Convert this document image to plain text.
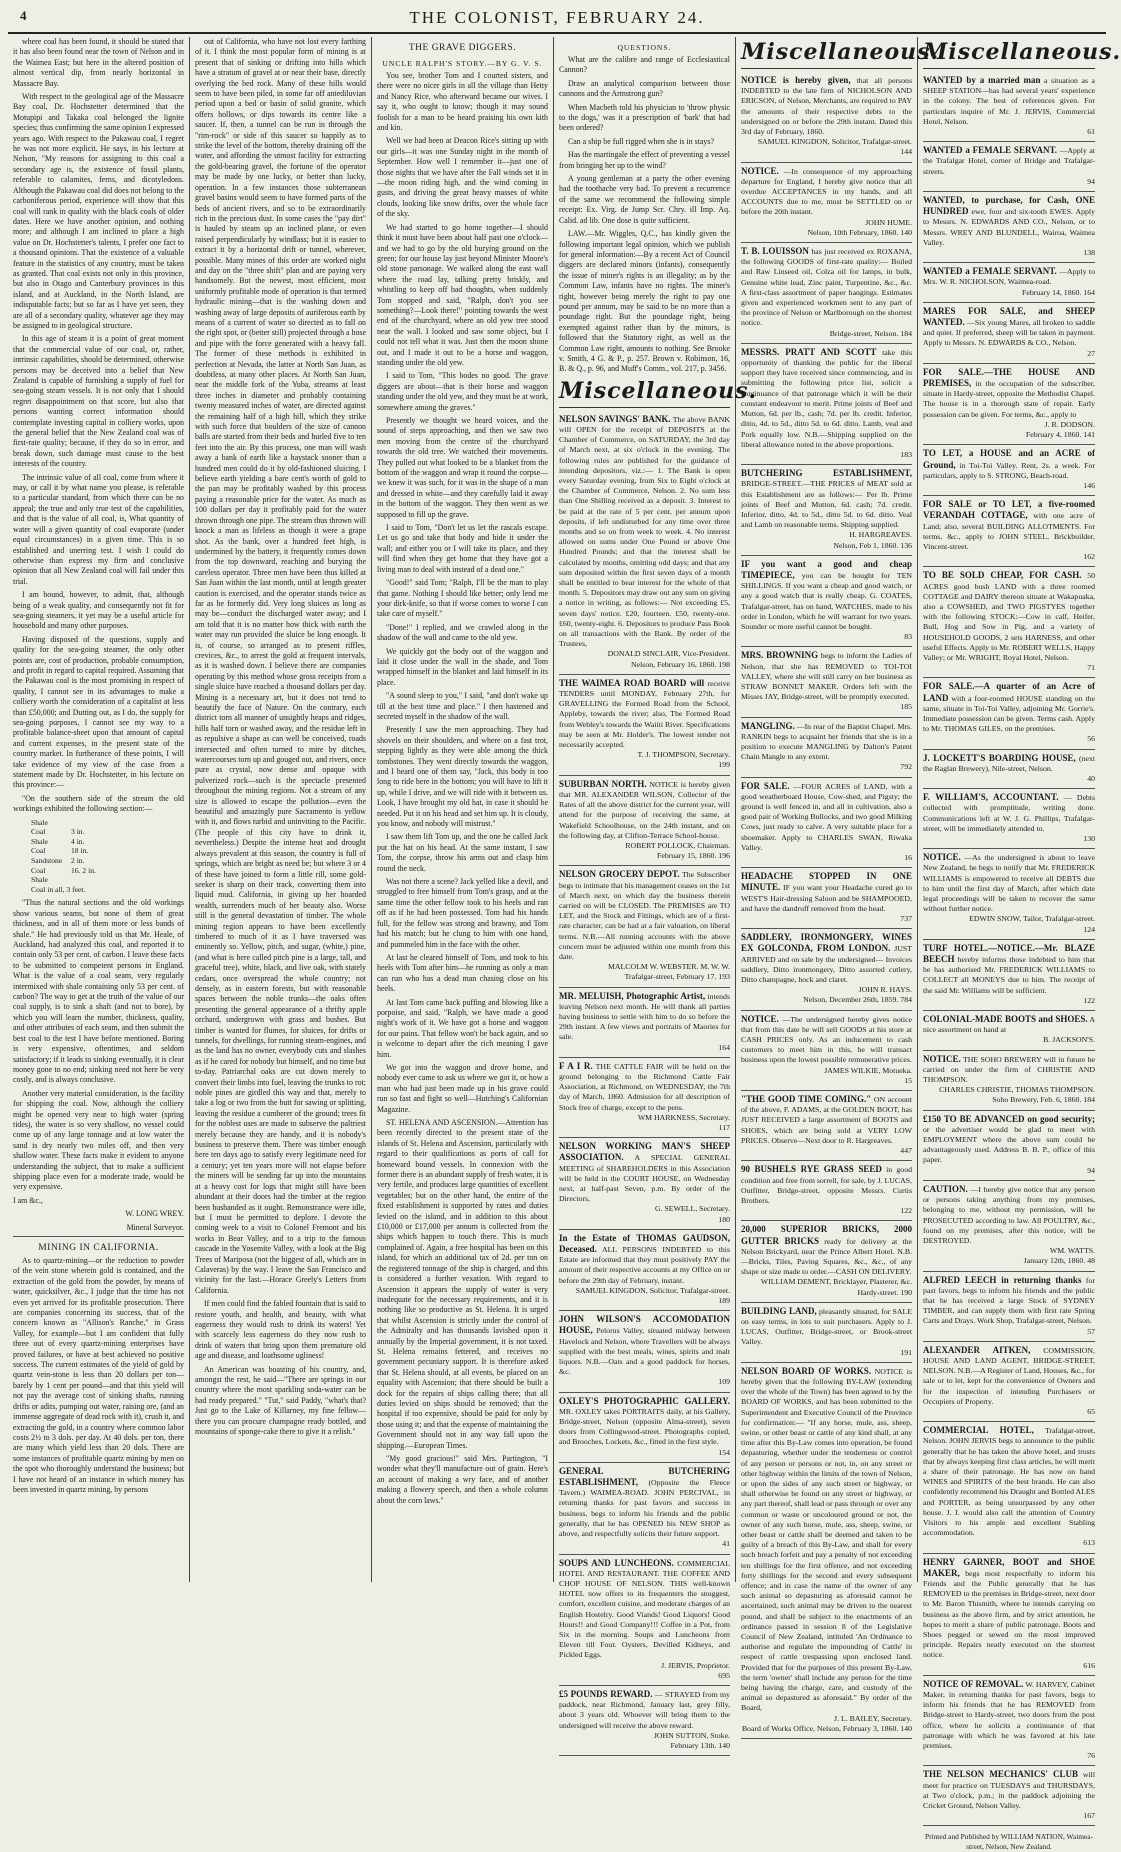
4	THE COLONIST, FEBRUARY 24.

where coal has been found, it should be stated that it has also been found near the town of Nelson and in the Waimea East; but here in the altered position of almost vertical dip, from nearly horizontal in Massacre Bay.

With respect to the geological age of the Massacre Bay coal, Dr. Hochstetter determined that the Motupipi and Takaka coal belonged the lignite species; thus confirming the same opinion I expressed years ago. With respect to the Pakawau coal, I regret he was not more explicit. He says, in his lecture at Nelson, "My reasons for assigning to this coal a secondary age is, the existence of fossil plants, referable to calamites, ferns, and dicotyledons. Although the Pakawau coal did does not belong to the carboniferous period, experience will show that this coal will rank in quality with the black coals of older dates. Here we have another opinion, and nothing more; and although I am inclined to place a high value on Dr. Hochstetter's talents, I prefer one fact to a thousand opinions. That the existence of a valuable feature in the statistics of any country, must be taken as granted. That coal exists not only in this province, but also in Otago and Canterbury provinces in this island, and at Auckland, in the North Island, are indisputable facts; but so far as I have yet seen, they are all of a secondary quality, whatever age they may be assigned to in geological structure.

In this age of steam it is a point of great moment that the commercial value of our coal, or, rather, intrinsic capabilities, should be determined, otherwise persons may be deceived into a belief that New Zealand is capable of furnishing a supply of fuel for sea-going steam vessels. It is not only that I should regret disappointment on that score, but also that persons wanting correct information should contemplate investing capital in colliery works, upon the general belief that the New Zealand coal was of first-rate quality; because, if they do so in error, and break down, such damage must cause to the best interests of the country.

The intrinsic value of all coal, come from where it may, or call it by what name you please, is referable to a particular standard, from which there can be no appeal; the true and only true test of the capabilities, and that is the value of all coal, is, What quantity of water will a given quantity of coal evaporate (under equal circumstances) in a given time. This is so established and unerring test. I wish I could do otherwise than express my firm and conclusive opinion that all New Zealand coal will fail under this trial.

I am bound, however, to admit, that, although being of a weak quality, and consequently not fit for sea-going steamers, it yet may be a useful article for household and many other purposes.

Having disposed of the questions, supply and quality for the sea-going steamer, the only other points are, cost of production, probable consumption, and profit in regard to capital required. Assuming that the Pakawau coal is the most promising in respect of quality, I cannot see in its advantages to make a colliery worth the consideration of a capitalist at less than £50,000; and Dutting out, as I do, the supply for sea-going purposes, I cannot see my way to a profitable balance-sheet upon that amount of capital and current expenses, in the present state of the country market. In furtherance of these points, I will take evidence of my view of the case from a statement made by Dr. Hochstetter, in his lecture on this province:—

"On the southern side of the stream the old workings exhibited the following section:—

Shale
Coal	3 in.
Shale	4 in.
Coal	18 in.
Sandstone 2 in.
Coal	16. 2 in.
Shale
Coal in all, 3 feet.

"Thus the natural sections and the old workings show various seams, but none of them of great thickness, and in all of them more or less bands of shale." He had previously told us that Mr. Heale, of Auckland, had analyzed this coal, and reported it to contain only 53 per cent. of carbon. I leave these facts to be submitted to competent persons in England. What is the value of a coal seam, very regularly intermixed with shale containing only 53 per cent. of carbon? The way to get at the truth of the value of our coal supply, is to sink a shaft (and not to bore), by which you will learn the number, thickness, quality, and other attributes of each seam, and then submit the best coal to the test I have before mentioned. Boring is very expensive, oftentimes, and seldom satisfactory; if it leads to sinking eventually, it is clear money gone to no end; sinking need not here be very costly, and is always conclusive.

Another very material consideration, is the facility for shipping the coal. Now, although the colliery might be opened very near to high water (spring tides), the water is so very shallow, no vessel could come up of any large tonnage and at low water the sand is dry nearly two miles off, and then very shallow water. These facts make it evident to anyone understanding the subject, that to make a sufficient shipping place even for a moderate trade, would be very expensive.

I am &c.,

W. LONG WREY.
Mineral Surveyor.
MINING IN CALIFORNIA.

As to quartz-mining—or the reduction to powder of the vein stone wherein gold is contained, and the extraction of the gold from the powder, by means of water, quicksilver, &c., I judge that the time has not even yet arrived for its profitable prosecution. There are companies concerning its success, that of the concern known as "Allison's Ranche," in Grass Valley, for example—but I am confident that fully three out of every quartz-mining enterprises have proved failures, or have at best achieved no positive success. The current estimates of the yield of gold by quartz vein-stone is less than 20 dollars per ton—barely by 1 cent per pound—and that this yield will not pay the average cost of sinking shafts, running drifts or adits, pumping out water, raising ore, (and an immense aggregate of dead rock with it), crush it, and extracting the gold, in a country where common labor costs 2½ to 3 dols. per day. At 40 dols. per ton, there are many which yield less than 20 dols. There are some instances of profitable quartz mining by men on the spot who thoroughly understand the business; but I have not heard of an instance in which money has been invested in quartz mining, by persons

out of California, who have not lost every farthing of it. I think the most popular form of mining is at present that of sinking or drifting into hills which have a stratum of gravel at or near their base, directly overlying the bed rock. Many of these hills would seem to have been piled, in some far off antediluvian period upon a bed or basin of solid granite, which offers hollows, or dips towards its centre like a saucer. If, then, a tunnel can be run in through the "rim-rock" or side of this saucer so happily as to strike the level of the bottom, thereby draining off the water, and affording the utmost facility for extracting the gold-bearing gravel, the fortune of the operator may be made by one lucky, or better than lucky, operation. In a few instances those subterranean gravel basins would seem to have formed parts of the beds of ancient rivers, and so to be extraordinarily rich in the precious dust. In some cases the "pay dirt" is hauled by steam up an inclined plane, or even raised perpendicularly by windlass; but it is easier to extract it by a horizontal drift or tunnel, wherever, possible. Many mines of this order are worked night and day on the "three shift" plan and are paying very handsomely. But the newest, most efficient, most uniformly profitable mode of operation is that termed hydraulic mining—that is the washing down and washing away of large deposits of auriferous earth by means of a current of water so directed as to fall on the right spot, or (better still) projected through a hose and pipe with the force generated with a heavy fall. The former of these methods is exhibited in perfection at Nevada, the latter at North San Juan, as doubtless, at many other places. At North San Juan, near the middle fork of the Yuba, streams at least three inches in diameter and probably containing twenty measured inches of water, are directed against the remaining half of a high hill, which they strike with such force that boulders of the size of cannon balls are started from their beds and hurled five to ten feet into the air. By this process, one man will wash away a bank of earth like a haystack sooner than a hundred men could do it by old-fashioned sluicing. I believe earth yielding a bare cent's worth of gold to the pan may be profitably washed by this process paying a reasonable price for the water. As much as 100 dollars per day it profitably paid for the water thrown through one pipe. The stream thus thrown will knock a man as lifeless as though it were a grape shot. As the bank, over a hundred feet high, is undermined by the battery, it frequently comes down from the top downward, reaching and burying the careless operator. Three men have been thus killed at San Juan within the last month, until at length greater caution is exercised, and the operator stands twice as far as he formerly did. Very long sluices as long as may be—conduct the discharged water away; and I am told that it is no matter how thick with earth the water may run provided the sluice be long enough. It is, of course, so arranged as to present riffles, crevices, &c., to arrest the gold at frequent intervals, as it is washed down. I believe there are companies operating by this method whose gross receipts from a single sluice have reached a thousand dollars per day. Mining is a necessary art, but it does not tend to beautify the face of Nature. On the contrary, each district torn all manner of unsightly heaps and ridges, hills half torn or washed away, and the residue left in as repulsive a shape as can well be conceived, roads intersected and often turned to mire by ditches, watercourses torn up and gouged out, and rivers, once pure as crystal, now dense and opaque with pulverized rock—such is the spectacle presented throughout the mining regions. Not a stream of any size is allowed to escape the pollution—even the beautiful and amazingly pure Sacramento is yellow with it, and flows turbid and uninviting to the Pacific. (The people of this city have to drink it, nevertheless.) Despite the intense heat and drought always prevalent at this season, the country is full of springs, which are bright as need be; but where 3 or 4 of these have joined to form a little rill, some gold-seeker is sharp on their track, converting them into liquid mud. California, in giving up her hoarded wealth, surrenders much of her beauty also. Worse still is the general devastation of timber. The whole mining region appears to have been excellently timbered to much of it as I have traversed was eminently so. Yellow, pitch, and sugar, (white,) pine, (and what is here called pitch pine is a large, tall, and graceful tree), white, black, and live oak, with stately cedars, once overspread the whole country; not densely, as in eastern forests, but with reasonable spaces between the noble trunks—the oaks often presenting the general appearance of a thrifty apple orchard, undergrown with grass and bushes. But timber is wanted for flumes, for sluices, for drifts or tunnels, for dwellings, for running steam-engines, and as the land has no owner, everybody cuts and slashes as if he cared for nobody but himself, and no time but to-day. Patriarchal oaks are cut down merely to convert their limbs into fuel, leaving the trunks to rot; noble pines are girdled this way and that, merely to take a log or two from the butt for sawing or splitting, leaving the residue a cumberer of the ground; trees fit for the noblest uses are made to subserve the paltriest merely because they are handy, and it is nobody's business to preserve them. There was timber enough here ten days ago to satisfy every legitimate need for a century; yet ten years more will not elapse before the miners will be sending far up into the mountains at a heavy cost for logs that might still have been abundant at their doors had the timber at the region been husbanded as it ought. Remonstrance were idle, but I must be permitted to deplore. I devote the coming week to a visit to Colonel Fremont and his works in Bear Valley, and to a trip to the famous cascade in the Yosemite Valley, with a look at the Big Trees of Mariposa (not the biggest of all, which are in Calaveras) by the way. I leave the San Francisco and vicinity for the last.—Horace Greely's Letters from California.

If men could find the fabled fountain that is said to restore youth, and health, and beauty, with what eagerness they would rush to drink its waters! Yet with scarcely less eagerness do they now rush to drink of waters that bring upon them premature old age and disease, and loathsome ugliness!

An American was boasting of his country, and, amongst the rest, he said—"There are springs in our country where the most sparkling soda-water can be had ready prepared." "Tut," said Paddy, "what's that? Just go to the Lake of Killarney, my fine fellow—there you can procure champagne ready bottled, and mountains of sponge-cake there to give it a relish."

THE GRAVE DIGGERS.
UNCLE RALPH'S STORY.—BY G. V. S.

You see, brother Tom and I courted sisters, and there were no nicer girls in all the village than Hetty and Nancy Rice, who afterward became our wives. I say it, who ought to know; though it may sound foolish for a man to be heard praising his own kith and kin.

Well we had been at Deacon Rice's sitting up with our girls—it was one Sunday night in the month of September. How well I remember it—just one of those nights that we have after the Fall winds set it in—the moon riding high, and the wind coming in gusts, and driving the great heavy masses of white clouds, looking like snow drifts, over the whole face of the sky.

We had started to go home together—I should think it must have been about half past one o'clock—and we had to go by the old burying ground on the green; for our house lay just beyond Minister Moore's old stone parsonage. We walked along the east wall where the road lay, talking pretty briskly, and whistling to keep off bad thoughts, when suddenly Tom stopped and said, "Ralph, don't you see something?—Look there!" pointing towards the west end of the churchyard, where an old yew tree stood near the wall. I looked and saw some object, but I could not tell what it was. Just then the moon shone out, and I made it out to be a horse and waggon, standing under the old yew.

I said to Tom, "This bodes no good. The grave diggers are about—that is their horse and waggon standing under the old yew, and they must be at work, somewhere among the graves."

Presently we thought we heard voices, and the sound of steps approaching, and then we saw two men moving from the centre of the churchyard towards the old tree. We watched their movements. They pulled out what looked to be a blanket from the bottom of the waggon and wrap it round the corpse—we knew it was such, for it was in the shape of a man and dressed in white—and they carefully laid it away in the bottom of the waggon. They then went as we supposed to fill up the grave.

I said to Tom, "Don't let us let the rascals escape. Let us go and take that body and hide it under the wall; and either you or I will take its place, and they will find when they get home that they have got a living man to deal with instead of a dead one."

"Good!" said Tom; "Ralph, I'll be the man to play that game. Nothing I should like better; only lend me your dirk-knife, so that if worse comes to worse I can take care of myself."

"Done!" I replied, and we crawled along in the shadow of the wall and came to the old yew.

We quickly got the body out of the waggon and laid it close under the wall in the shade, and Tom wrapped himself in the blanket and laid himself in its place.

"A sound sleep to you," I said, "and don't wake up till at the best time and place." I then hastened and secreted myself in the shadow of the wall.

Presently I saw the men approaching. They had shovels on their shoulders, and where on a fast trot, stepping lightly as they were able among the thick tombstones. They went directly towards the waggon, and I heard one of them say, "Jack, this body is too long to ride here in the bottom; you will have to lift it up, while I drive, and we will ride with it between us. Look, I have brought my old hat, in case it should be needed. Put it on his head and set him up. It is cloudy, you know, and nobody will mistrust."

I saw them lift Tom up, and the one he called Jack put the hat on his head. At the same instant, I saw Tom, the corpse, throw his arms out and clasp him round the neck.

Was not there a scene? Jack yelled like a devil, and struggled to free himself from Tom's grasp, and at the same time the other fellow took to his heels and ran off as if he had been possessed. Tom had his hands full, for the fellow was strong and brawny, and Tom had his match; but he clung to him with one hand, and pummeled him in the face with the other.

At last he cleared himself of Tom, and took to his heels with Tom after him—he running as only a man can run who has a dead man chasing close on his heels.

At last Tom came back puffing and blowing like a porpoise, and said, "Ralph, we have made a good night's work of it. We have got a horse and waggon for our pains. That fellow won't be back again, and so is welcome to depart after the rich meaning I gave him.

We got into the waggon and drove home, and nobody ever came to ask us where we got it, or how a man who had just been made up in his grave could run so fast and fight so well—Hutching's Californian Magazine.

ST. HELENA AND ASCENSION.—Attention has been recently directed to the present state of the islands of St. Helena and Ascension, particularly with regard to their qualifications as ports of call for homeward bound vessels. In connexion with the former there is an abundant supply of fresh water, it is very fertile, and produces large quantities of excellent vegetables; but on the other hand, the entire of the fixed establishment is supported by rates and duties levied on the island, and in addition to this about £10,000 or £17,000 per annum is collected from the ships which happen to touch there. This is much complained of. Again, a free hospital has been on this island, for which an additional tax of 2d. per ton on the registered tonnage of the ship is charged, and this is considered a further vexation. With regard to Ascension it appears the supply of water is very inadequate for the necessary requirements, and it is nothing like so productive as St. Helena. It is urged that whilst Ascension is strictly under the control of the Admiralty and has thousands lavished upon it annually by the Imperial government, it is not taxed. St. Helena remains fettered, and receives no government pecuniary support. It is therefore asked that St. Helena should, at all events, be placed on an equality with Ascension; that there should be built a dock for the repairs of ships calling there; that all duties levied on ships should be removed; that the hospital if too expensive, should be paid for only by those using it; and that the expense of maintaining the Government should not in any way fall upon the shipping.—European Times.

"My good gracious!" said Mrs. Partington, "I wonder what they'll manufacture out of grain. Here's an account of making a wry face, and of another making a flowery speech, and then a whole column about the corn laws."

QUESTIONS.

What are the calibre and range of Ecclesiastical Cannon?

Draw an analytical comparison between those cannons and the Armstrong gun?

When Macbeth told his physician to 'throw physic to the dogs,' was it a prescription of 'bark' that had been ordered?

Can a ship be full rigged when she is in stays?

Has the martingale the effect of preventing a vessel from bringing her up to the wind?

A young gentleman at a party the other evening had the toothache very bad. To prevent a recurrence of the same we recommend the following simple receipt: Ex. Virg. de Jump Scr. Chry. ill Imp. Aq. Calid. ad lib. One dose is quite sufficient.

LAW.—Mr. Wiggles, Q.C., has kindly given the following important legal opinion, which we publish for general information:—By a recent Act of Council diggers are declared minors (infants), consequently the issue of miner's rights is an illegality; as by the Common Law, infants have no rights. The miner's right, however being merely the right to pay one pound per annum, may be said to be no more than a poundage right. But the poundage right, being exempted against rather than by the minors, is followed that the Statutory right, as well as the Common Law right, amounts to nothing. See Brooke v. Smith, 4 G. & P., p. 257. Brown v. Robinson, 16, B. & Q., p. 96, and Muff's Comm., vol. 217, p. 3456.

Miscellaneous.
NELSON SAVINGS' BANK. The above BANK will OPEN for the receipt of DEPOSITS at the Chamber of Commerce, on SATURDAY, the 3rd day of March next, at six o'clock in the evening. The following rules are published for the guidance of intending depositors, viz.:— 1. The Bank is open every Saturday evening, from Six to Eight o'clock at the Chamber of Commerce, Nelson. 2. No sum less than One Shilling received as a deposit. 3. Interest to be paid at the rate of 5 per cent. per annum upon deposits, if left undisturbed for any time over three months and so on from week to week. 4. No interest allowed on sums under One Pound or above One Hundred Pounds; and that the interest shall be calculated by months, omitting odd days; and that any sum deposited within the first seven days of a month shall be entitled to bear interest for the whole of that month. 5. Depositors may draw out any sum on giving a notice in writing, as follows:— Not exceeding £5, seven days' notice. £20, fourteen. £50, twenty-one. £60, twenty-eight. 6. Depositors to produce Pass Book on all transactions with the Bank. By order of the Trustees,
DONALD SINCLAIR, Vice-President.
Nelson, February 16, 1860. 198
THE WAIMEA ROAD BOARD will receive TENDERS until MONDAY, February 27th, for GRAVELLING the Formed Road from the School, Appleby, towards the river; also, The Formed Road from Webley's towards the Waiiti River. Specifications may be seen at Mr. Holder's. The lowest tender not necessarily accepted.
T. J. THOMPSON, Secretary.
199
SUBURBAN NORTH. NOTICE is hereby given that MR. ALEXANDER WILSON, Collector of the Rates of all the above district for the current year, will attend for the purpose of receiving the same, at Wakefield Schoolhouse, on the 24th instant, and on the following day, at Clifton-Terrace School-house.
ROBERT POLLOCK, Chairman.
February 15, 1860. 196
NELSON GROCERY DEPOT. The Subscriber begs to intimate that his management ceases on the 1st of March next, on which day the business therein carried on will be CLOSED. The PREMISES are TO LET, and the Stock and Fittings, which are of a first-rate character, can be had at a fair valuation, on liberal terms. N.B.—All running accounts with the above concern must be adjusted within one month from this date.
MALCOLM W. WEBSTER. M. W. W.
Trafalgar-street, February 17. 193
MR. MELUISH, Photographic Artist, intends leaving Nelson next month. He will thank all parties having business to settle with him to do so before the 29th instant. A few views and portraits of Maories for sale.
164
F A I R. THE CATTLE FAIR will be held on the ground belonging to the Richmond Cattle Fair Association, at Richmond, on WEDNESDAY, the 7th day of March, 1860. Admission for all description of Stock free of charge, except to the pens.
WM HARKNESS, Secretary.
117
NELSON WORKING MAN'S SHEEP ASSOCIATION. A SPECIAL GENERAL MEETING of SHAREHOLDERS in this Association will be held in the COURT HOUSE, on Wednesday next, at half-past Seven, p.m. By order of the Directors,
G. SEWELL, Secretary.
180
In the Estate of THOMAS GAUDSON, Deceased. ALL PERSONS INDEBTED to this Estate are informed that they must positively PAY the amount of their respective accounts at my Office on or before the 29th day of February, instant.
SAMUEL KINGDON, Solicitor, Trafalgar-street.
189
JOHN WILSON'S ACCOMODATION HOUSE, Pelorus Valley, situated midway between Havelock and Nelson, where Travellers will be always supplied with the best meals, wines, spirits and malt liquors. N.B.—Oats and a good paddock for horses, &c.
109
OXLEY'S PHOTOGRAPHIC GALLERY. MR. OXLEY takes PORTRAITS daily, at his Gallery, Bridge-street, Nelson (opposite Alma-street), seven doors from Collingwood-street. Photographs copied, and Brooches, Lockets, &c., fitted in the first style.
154
GENERAL BUTCHERING ESTABLISHMENT, (Opposite the Fleece Tavern.) WAIMEA-ROAD. JOHN PERCIVAL, in returning thanks for past favors and success in business, begs to inform his friends and the public generally, that he has OPENED his NEW SHOP as above, and respectfully solicits their future support.
41
SOUPS AND LUNCHEONS. COMMERCIAL HOTEL AND RESTAURANT. THE COFFEE AND CHOP HOUSE OF NELSON. THIS well-known HOTEL now offers to its frequenters the snuggest, comfort, excellent cuisine, and moderate charges of an English Hostelry. Good Viands! Good Liquors! Good Hours!! and Good Company!!! Coffee in a Pot, from Six in the morning. Soups and Luncheons from Eleven till Four. Oysters, Devilled Kidneys, and Pickled Eggs.
J. JERVIS, Proprietor.
695
£5 POUNDS REWARD. — STRAYED from my paddock, near Richmond, January last, grey filly, about 3 years old. Whoever will bring them to the undersigned will receive the above reward.
JOHN SUTTON, Stoke.
February 13th. 140
Miscellaneous.
NOTICE is hereby given, that all persons INDEBTED to the late firm of NICHOLSON AND ERICSON, of Nelson, Merchants, are required to PAY the amounts of their respective debts to the undersigned on or before the 29th instant. Dated this 3rd day of February, 1860.
SAMUEL KINGDON, Solicitor, Trafalgar-street.
144
NOTICE. —In consequence of my approaching departure for England, I hereby give notice that all overdue ACCEPTANCES in my hands, and all ACCOUNTS due to me, must be SETTLED on or before the 20th instant.
JOHN HUME.
Nelson, 10th February, 1860. 140
T. B. LOUISSON has just received ex ROXANA, the following GOODS of first-rate quality:— Boiled and Raw Linseed oil, Colza oil for lamps, in bulk, Genuine white lead, Zinc paint, Turpentine, &c., &c. A first-class assortment of paper hangings. Estimates given and experienced workmen sent to any part of the province of Nelson or Marlborough on the shortest notice.
Bridge-street, Nelson. 184
MESSRS. PRATT AND SCOTT take this opportunity of thanking the public for the liberal support they have received since commencing, and in submitting the following price list, solicit a continuance of that patronage which it will be their constant endeavour to merit. Prime joints of Beef and Mutton, 6d. per lb., cash; 7d. per lb. credit. Inferior, ditto, 4d. to 5d., ditto 5d. to 6d. ditto. Lamb, veal and Pork equally low. N.B.—Shipping supplied on the liberal allowance noted in the above proportions.
183
BUTCHERING ESTABLISHMENT, BRIDGE-STREET.—THE PRICES of MEAT sold at this Establishment are as follows:— Per lb. Prime joints of Beef and Mutton, 6d. cash; 7d. credit. Inferior, ditto, 4d. to 5d., ditto 5d. to 6d. ditto. Veal and Lamb on reasonable terms. Shipping supplied.
H. HARGREAVES.
Nelson, Feb 1, 1860. 136
IF you want a good and cheap TIMEPIECE, you can be bought for TEN SHILLINGS. If you want a cheap and good watch, or any a good watch that is really cheap. G. COATES, Trafalgar-street, has on hand, WATCHES, made to his order in London, which he will warrant for two years. Sounder or more useful cannot be bought.
83
MRS. BROWNING begs to inform the Ladies of Nelson, that she has REMOVED to TOI-TOI VALLEY, where she will still carry on her business as STRAW BONNET MAKER. Orders left with the Misses JAY, Bridge-street, will be promptly executed.
185
MANGLING. —In rear of the Baptist Chapel. Mrs. RANKIN begs to acquaint her friends that she is in a position to execute MANGLING by Dalton's Patent Chain Mangle to any extent.
792
FOR SALE. —FOUR ACRES of LAND, with a good weatherboard House, Cow-shed, and Pigsty; the ground is well fenced in, and all in cultivation, also a good pair of Working Bullocks, and two good Milking Cows, just ready to calve. A very suitable place for a shoemaker. Apply to CHARLES SWAN, Riwaka Valley.
16
HEADACHE STOPPED IN ONE MINUTE. IF you want your Headache cured go to WEST'S Hair-dressing Saloon and be SHAMPOOED, and have the dandruff removed from the head.
737
SADDLERY, IRONMONGERY, WINES EX GOLCONDA, FROM LONDON. JUST ARRIVED and on sale by the undersigned— Invoices saddlery, Ditto ironmongery, Ditto assorted cutlery, Ditto champagne, hock and claret.
JOHN R. HAYS.
Nelson, December 26th, 1859. 784
NOTICE. —The undersigned hereby gives notice that from this date he will sell GOODS at his store at CASH PRICES only. As an inducement to cash customers to meet him in this, he will transact business upon the lowest possible remunerative prices.
JAMES WILKIE, Motueka.
15
"THE GOOD TIME COMING." ON account of the above, F. ADAMS, at the GOLDEN BOOT, has JUST RECEIVED a large assortment of BOOTS and SHOES, which are being sold at VERY LOW PRICES. Observe—Next door to R. Hargreaves.
447
90 BUSHELS RYE GRASS SEED in good condition and free from sorrell, for sale, by J. LUCAS, Outfitter, Bridge-street, opposite Messrs. Curtis Brothers.
122
20,000 SUPERIOR BRICKS, 2000 GUTTER BRICKS ready for delivery at the Nelson Brickyard, near the Prince Albert Hotel. N.B.—Bricks, Tiles, Paving Squares, &c., &c., of any shape or size made to order.—CASH ON DELIVERY.
WILLIAM DEMENT, Bricklayer, Plasterer, &c.
Hardy-street. 190
BUILDING LAND, pleasantly situated, for SALE on easy terms, in lots to suit purchasers. Apply to J. LUCAS, Outfitter, Bridge-street, or Brook-street Valley.
191
NELSON BOARD OF WORKS. NOTICE is hereby given that the following BY-LAW (extending over the whole of the Town) has been agreed to by the BOARD OF WORKS, and has been submitted to the Superintendent and Executive Council of the Province for confirmation:— "If any horse, mule, ass, sheep, swine, or other beast or cattle of any kind shall, at any time after this By-Law comes into operation, be found depasturing, whether under the tenderness or control of any person or persons or not, in, on any street or other highway within the limits of the town of Nelson, or upon the sides of any such street or highway, or shall otherwise be found on any street or highway, or any part thereof, shall lead or pass through or over any common or waste or uncoloured ground or not, the owner of any such horse, mule, ass, sheep, swine, or other beast or cattle shall be deemed and taken to be guilty of a breach of this By-Law, and shall for every such breach forfeit and pay a penalty of not exceeding ten shillings for the first offence, and not exceeding forty shillings for the second and every subsequent offence; and in case the name of the owner of any such animal so depasturing as aforesaid cannot be ascertained, such animal may be driven to the nearest pound, and shall be subject to the enactments of an ordinance passed in session 8 of the Legislative Council of New Zealand, intituled 'An Ordinance to authorise and regulate the impounding of Cattle' in respect of cattle trespassing upon enclosed land. Provided that for the purposes of this present By-Law, the term 'owner' shall include any person for the time being having the charge, care, and custody of the animal so depastured as aforesaid." By order of the Board,
J. L. BAILEY, Secretary.
Board of Works Office, Nelson, February 3, 1860. 140
Miscellaneous.
WANTED by a married man a situation as a SHEEP STATION—has had several years' experience in the colony. The best of references given. For particulars inquire of Mr. J. JERVIS, Commercial Hotel, Nelson.
61
WANTED a FEMALE SERVANT. —Apply at the Trafalgar Hotel, corner of Bridge and Trafalgar-streets.
94
WANTED, to purchase, for Cash, ONE HUNDRED ewe, four and six-tooth EWES. Apply to Messrs. N. EDWARDS AND CO., Nelson, or to Messrs. WREY AND BLUNDELL, Wairoa, Waimea Valley.
138
WANTED a FEMALE SERVANT. —Apply to Mrs. W. R. NICHOLSON, Waimea-road.
February 14, 1860. 164
MARES FOR SALE, and SHEEP WANTED. —Six young Mares, all broken to saddle and quiet. If preferred, sheep will be taken in payment. Apply to Messrs. N. EDWARDS & CO., Nelson.
27
FOR SALE.—THE HOUSE AND PREMISES, in the occupation of the subscriber, situate in Hardy-street, opposite the Methodist Chapel. The house is in a thorough state of repair. Early possession can be given. For terms, &c., apply to
J. R. DODSON.
February 4, 1860. 141
TO LET, a HOUSE and an ACRE of Ground, in Toi-Toi Valley. Rent, 2s. a week. For particulars, apply to S. STRONG, Beach-road.
146
FOR SALE or TO LET, a five-roomed VERANDAH COTTAGE, with one acre of Land; also, several BUILDING ALLOTMENTS. For terms, &c., apply to JOHN STEEL, Brickbuilder, Vincent-street.
162
TO BE SOLD CHEAP, FOR CASH. 50 ACRES good bush LAND with a three roomed COTTAGE and DAIRY thereon situate at Wakapuaka, also a COWSHED, and TWO PIGSTYES together with the following STOCK:—Cow in calf, Heifer, Bull, Hog and Sow in Pig, and a variety of HOUSEHOLD GOODS, 2 sets HARNESS, and other useful Effects. Apply to Mr. ROBERT WELLS, Happy Valley; or Mr. WRIGHT, Royal Hotel, Nelson.
71
FOR SALE.—A quarter of an Acre of LAND with a four-roomed HOUSE standing on the same, situate in Toi-Toi Valley, adjoining Mr. Gorrie's. Immediate possession can be given. Terms cash. Apply to Mr. THOMAS GILES, on the premises.
56
J. LOCKETT'S BOARDING HOUSE, (next the Raglan Brewery), Nile-street, Nelson.
40
F. WILLIAM'S, ACCOUNTANT. — Debts collected with promptitude, writing done. Communications left at W. J. G. Phillips, Trafalgar-street, will be immediately attended to.
130
NOTICE. —As the undersigned is about to leave New Zealand, he begs to notify that Mr. FREDERICK WILLIAMS is empowered to receive all DEBTS due to him until the first day of March, after which date legal proceedings will be taken to recover the same without further notice.
EDWIN SNOW, Tailor, Trafalgar-street.
124
TURF HOTEL.—NOTICE.—Mr. BLAZE BEECH hereby informs those indebted to him that he has authorised Mr. FREDERICK WILLIAMS to COLLECT all MONEYS due to him. The receipt of the said Mr. Williams will be sufficient.
122
COLONIAL-MADE BOOTS and SHOES. A nice assortment on hand at
B. JACKSON'S.
NOTICE. THE SOHO BREWERY will in future be carried on under the firm of CHRISTIE AND THOMPSON.
CHARLES CHRISTIE, THOMAS THOMPSON.
Soho Brewery, Feb. 6, 1860. 184
£150 TO BE ADVANCED on good security; or the advertiser would be glad to meet with EMPLOYMENT where the above sum could be advantageously used. Address B. B. P., office of this paper.
94
CAUTION. —I hereby give notice that any person or persons taking anything from my premises, belonging to me, without my permission, will be PROSECUTED according to law. All POULTRY, &c., found on my premises, after this notice, will be DESTROYED.
WM. WATTS.
January 12th, 1860. 48
ALFRED LEECH in returning thanks for past favors, begs to inform his friends and the public that he has received a large Stock of SYDNEY TIMBER, and can supply them with first rate Spring Carts and Drays. Work Shop, Trafalgar-street, Nelson.
57
ALEXANDER AITKEN, COMMISSION, HOUSE AND LAND AGENT, BRIDGE-STREET, NELSON. N.B.—A Register of Land, Houses, &c., for sale or to let, kept for the convenience of Owners and for the inspection of intending Purchasers or Occupiers of Property.
65
COMMERCIAL HOTEL, Trafalgar-street, Nelson. JOHN JERVIS begs to announce to the public generally that he has taken the above hotel, and trusts that by always keeping first class articles, he will merit a share of their patronage. He has now on hand WINES and SPIRITS of the best brands. He can also confidently recommend his Draught and Bottled ALES and PORTER, as being unsurpassed by any other house. J. J. would also call the attention of Country Visitors to his ample and excellent Stabling accommodation.
613
HENRY GARNER, BOOT and SHOE MAKER, begs most respectfully to inform his Friends and the Public generally that he has REMOVED to the premises in Bridge-street, next door to Mr. Baron Thismith, where he intends carrying on business as the above firm, and by strict attention, he hopes to merit a share of public patronage. Boots and Shoes pegged or sewed on the most improved principle. Repairs neatly executed on the shortest notice.
616
NOTICE OF REMOVAL. W. HARVEY, Cabinet Maker, in returning thanks for past favors, begs to inform his friends that he has REMOVED from Bridge-street to Hardy-street, two doors from the post office, where he solicits a continuance of that patronage with which he was favored at his late premises.
76
THE NELSON MECHANICS' CLUB will meet for practice on TUESDAYS and THURSDAYS, at Two o'clock, p.m.; in the paddock adjoining the Cricket Ground, Nelson Valley.
167
Printed and Published by WILLIAM NATION, Waimea-street, Nelson, New Zealand.
